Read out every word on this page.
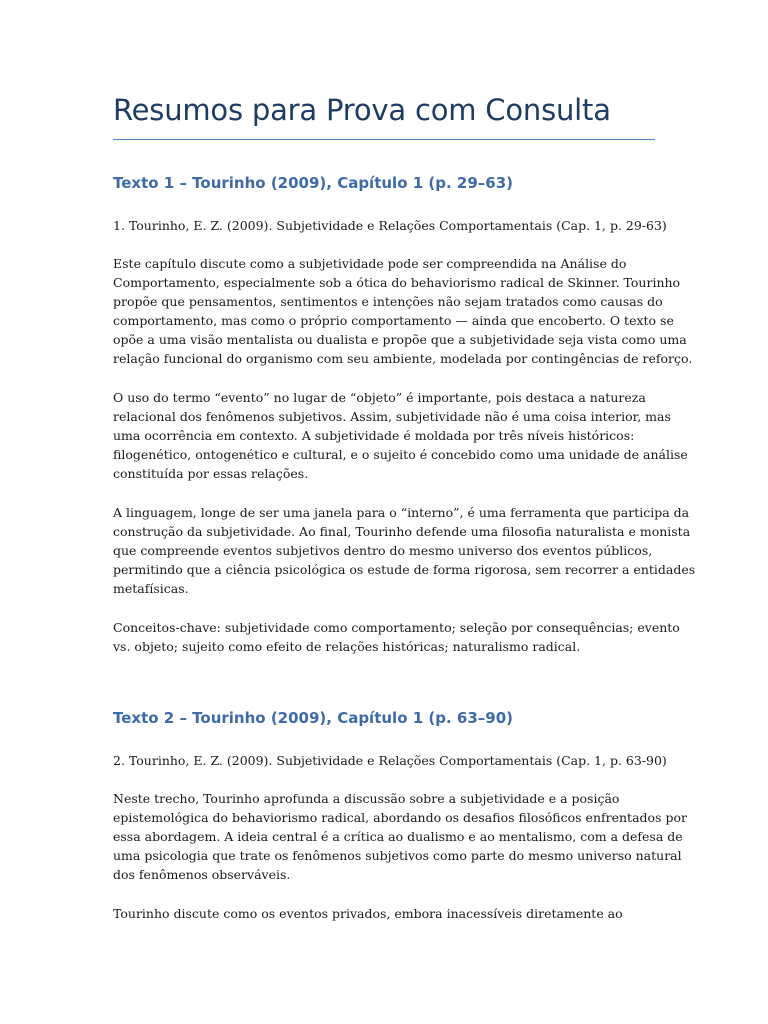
Resumos para Prova com Consulta
Texto 1 – Tourinho (2009), Capítulo 1 (p. 29–63)

1. Tourinho, E. Z. (2009). Subjetividade e Relações Comportamentais (Cap. 1, p. 29-63)

Este capítulo discute como a subjetividade pode ser compreendida na Análise do
Comportamento, especialmente sob a ótica do behaviorismo radical de Skinner. Tourinho
propõe que pensamentos, sentimentos e intenções não sejam tratados como causas do
comportamento, mas como o próprio comportamento — ainda que encoberto. O texto se
opõe a uma visão mentalista ou dualista e propõe que a subjetividade seja vista como uma
relação funcional do organismo com seu ambiente, modelada por contingências de reforço.

O uso do termo “evento” no lugar de “objeto” é importante, pois destaca a natureza
relacional dos fenômenos subjetivos. Assim, subjetividade não é uma coisa interior, mas
uma ocorrência em contexto. A subjetividade é moldada por três níveis históricos:
filogenético, ontogenético e cultural, e o sujeito é concebido como uma unidade de análise
constituída por essas relações.

A linguagem, longe de ser uma janela para o “interno”, é uma ferramenta que participa da
construção da subjetividade. Ao final, Tourinho defende uma filosofia naturalista e monista
que compreende eventos subjetivos dentro do mesmo universo dos eventos públicos,
permitindo que a ciência psicológica os estude de forma rigorosa, sem recorrer a entidades
metafísicas.

Conceitos-chave: subjetividade como comportamento; seleção por consequências; evento
vs. objeto; sujeito como efeito de relações históricas; naturalismo radical.

Texto 2 – Tourinho (2009), Capítulo 1 (p. 63–90)

2. Tourinho, E. Z. (2009). Subjetividade e Relações Comportamentais (Cap. 1, p. 63-90)

Neste trecho, Tourinho aprofunda a discussão sobre a subjetividade e a posição
epistemológica do behaviorismo radical, abordando os desafios filosóficos enfrentados por
essa abordagem. A ideia central é a crítica ao dualismo e ao mentalismo, com a defesa de
uma psicologia que trate os fenômenos subjetivos como parte do mesmo universo natural
dos fenômenos observáveis.

Tourinho discute como os eventos privados, embora inacessíveis diretamente ao
